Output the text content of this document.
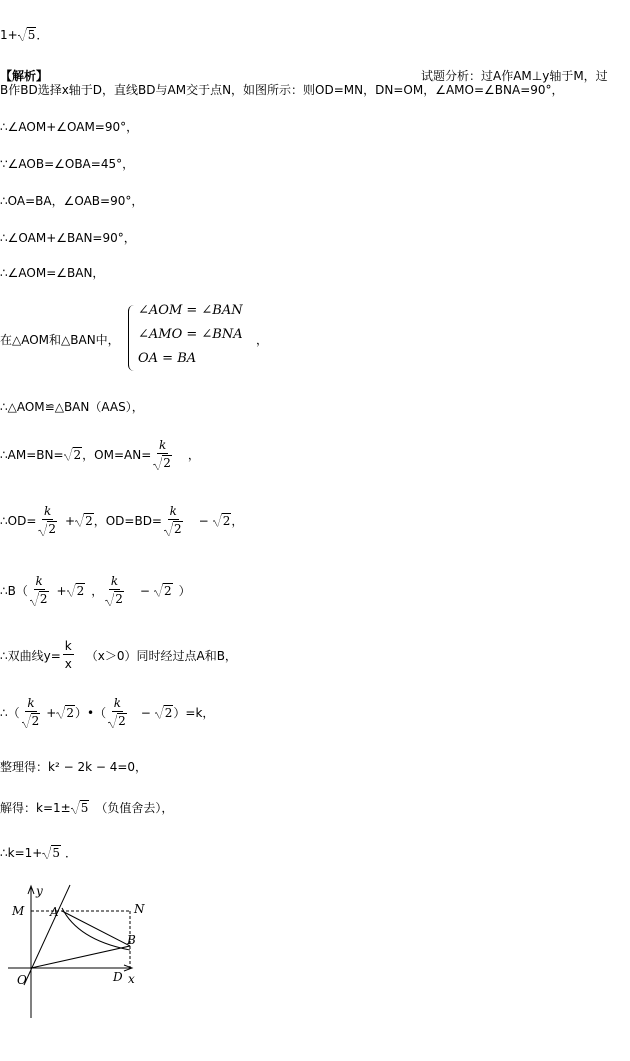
1+ 5．
【解析】	试题分析：过A作AM⊥y轴于M，过
B作BD选择x轴于D，直线BD与AM交于点N，如图所示：则OD=MN，DN=OM，∠AMO=∠BNA=90°，
∴∠AOM+∠OAM=90°，
∵∠AOB=∠OBA=45°，
∴OA=BA，∠OAB=90°，
∴∠OAM+∠BAN=90°，
∴∠AOM=∠BAN，
在△AOM和△BAN中，
∠AOM = ∠BAN
∠AMO = ∠BNA
OA = BA
，
∴△AOM≌△BAN（AAS），
∴AM=BN= 2 ，$OM=AN= \frac{k}{2}$ ，
∴OD= $\frac{k}{2} + 2$ ，$OD=BD= \frac{k}{2}$ −	2 ，
∴B（ $\frac{k}{2} + 2$ ， $\frac{k}{2}$ −	2 ）
∴双曲线$y= \frac{k}{x} (x>0)$同时经过点A和B，
∴（ $\frac{k}{2} + 2$ ）•（ $\frac{k}{2}$ −	2 ）=k，
整理得：k² − 2k − 4=0，
解得：k=1± 5 （负值舍去），
∴k=1+ 5 ．
y
M A	N
B
O	D x
